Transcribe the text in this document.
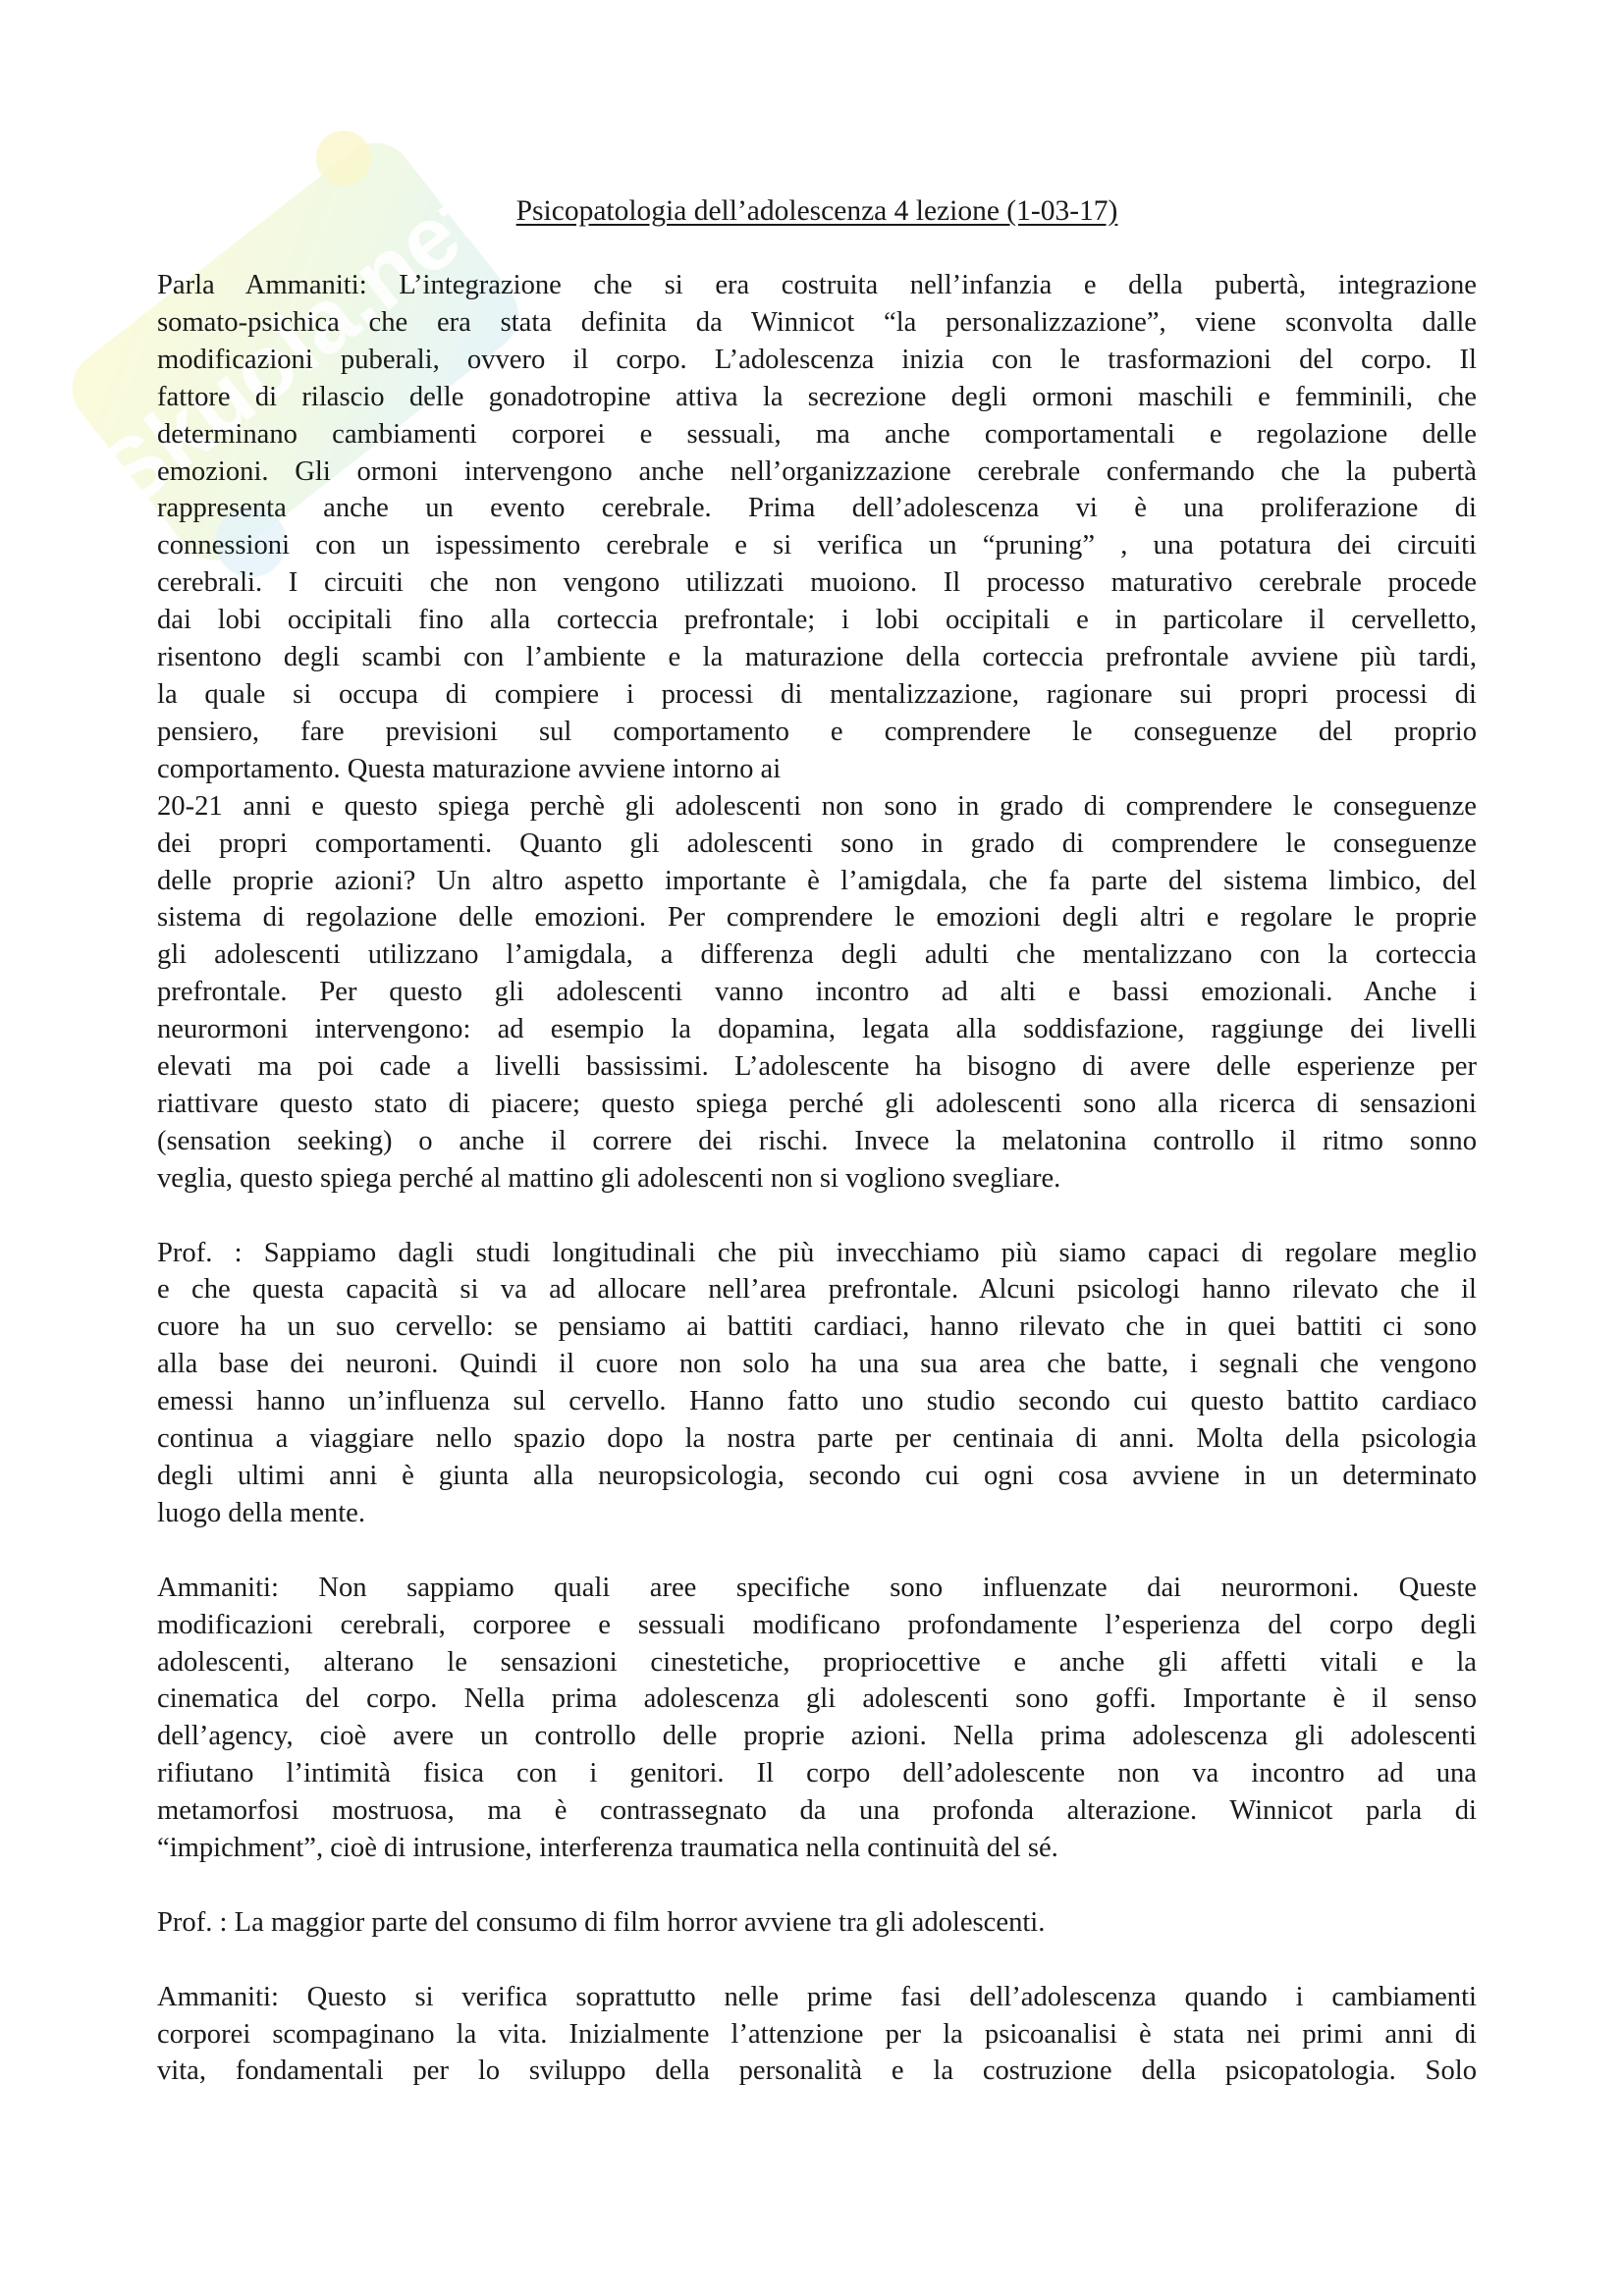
Skuola.net Psicopatologia dell’adolescenza 4 lezione (1-03-17)

Parla Ammaniti: L’integrazione che si era costruita nell’infanzia e della pubertà, integrazione
somato-psichica che era stata definita da Winnicot “la personalizzazione”, viene sconvolta dalle
modificazioni puberali, ovvero il corpo. L’adolescenza inizia con le trasformazioni del corpo. Il
fattore di rilascio delle gonadotropine attiva la secrezione degli ormoni maschili e femminili, che
determinano cambiamenti corporei e sessuali, ma anche comportamentali e regolazione delle
emozioni. Gli ormoni intervengono anche nell’organizzazione cerebrale confermando che la pubertà
rappresenta anche un evento cerebrale. Prima dell’adolescenza vi è una proliferazione di
connessioni con un ispessimento cerebrale e si verifica un “pruning” , una potatura dei circuiti
cerebrali. I circuiti che non vengono utilizzati muoiono. Il processo maturativo cerebrale procede
dai lobi occipitali fino alla corteccia prefrontale; i lobi occipitali e in particolare il cervelletto,
risentono degli scambi con l’ambiente e la maturazione della corteccia prefrontale avviene più tardi,
la quale si occupa di compiere i processi di mentalizzazione, ragionare sui propri processi di
pensiero, fare previsioni sul comportamento e comprendere le conseguenze del proprio
comportamento. Questa maturazione avviene intorno ai
20-21 anni e questo spiega perchè gli adolescenti non sono in grado di comprendere le conseguenze
dei propri comportamenti. Quanto gli adolescenti sono in grado di comprendere le conseguenze
delle proprie azioni? Un altro aspetto importante è l’amigdala, che fa parte del sistema limbico, del
sistema di regolazione delle emozioni. Per comprendere le emozioni degli altri e regolare le proprie
gli adolescenti utilizzano l’amigdala, a differenza degli adulti che mentalizzano con la corteccia
prefrontale. Per questo gli adolescenti vanno incontro ad alti e bassi emozionali. Anche i
neurormoni intervengono: ad esempio la dopamina, legata alla soddisfazione, raggiunge dei livelli
elevati ma poi cade a livelli bassissimi. L’adolescente ha bisogno di avere delle esperienze per
riattivare questo stato di piacere; questo spiega perché gli adolescenti sono alla ricerca di sensazioni
(sensation seeking) o anche il correre dei rischi. Invece la melatonina controllo il ritmo sonno
veglia, questo spiega perché al mattino gli adolescenti non si vogliono svegliare.

Prof. : Sappiamo dagli studi longitudinali che più invecchiamo più siamo capaci di regolare meglio
e che questa capacità si va ad allocare nell’area prefrontale. Alcuni psicologi hanno rilevato che il
cuore ha un suo cervello: se pensiamo ai battiti cardiaci, hanno rilevato che in quei battiti ci sono
alla base dei neuroni. Quindi il cuore non solo ha una sua area che batte, i segnali che vengono
emessi hanno un’influenza sul cervello. Hanno fatto uno studio secondo cui questo battito cardiaco
continua a viaggiare nello spazio dopo la nostra parte per centinaia di anni. Molta della psicologia
degli ultimi anni è giunta alla neuropsicologia, secondo cui ogni cosa avviene in un determinato
luogo della mente.

Ammaniti: Non sappiamo quali aree specifiche sono influenzate dai neurormoni. Queste
modificazioni cerebrali, corporee e sessuali modificano profondamente l’esperienza del corpo degli
adolescenti, alterano le sensazioni cinestetiche, propriocettive e anche gli affetti vitali e la
cinematica del corpo. Nella prima adolescenza gli adolescenti sono goffi. Importante è il senso
dell’agency, cioè avere un controllo delle proprie azioni. Nella prima adolescenza gli adolescenti
rifiutano l’intimità fisica con i genitori. Il corpo dell’adolescente non va incontro ad una
metamorfosi mostruosa, ma è contrassegnato da una profonda alterazione. Winnicot parla di
“impichment”, cioè di intrusione, interferenza traumatica nella continuità del sé.

Prof. : La maggior parte del consumo di film horror avviene tra gli adolescenti.

Ammaniti: Questo si verifica soprattutto nelle prime fasi dell’adolescenza quando i cambiamenti
corporei scompaginano la vita. Inizialmente l’attenzione per la psicoanalisi è stata nei primi anni di
vita, fondamentali per lo sviluppo della personalità e la costruzione della psicopatologia. Solo
